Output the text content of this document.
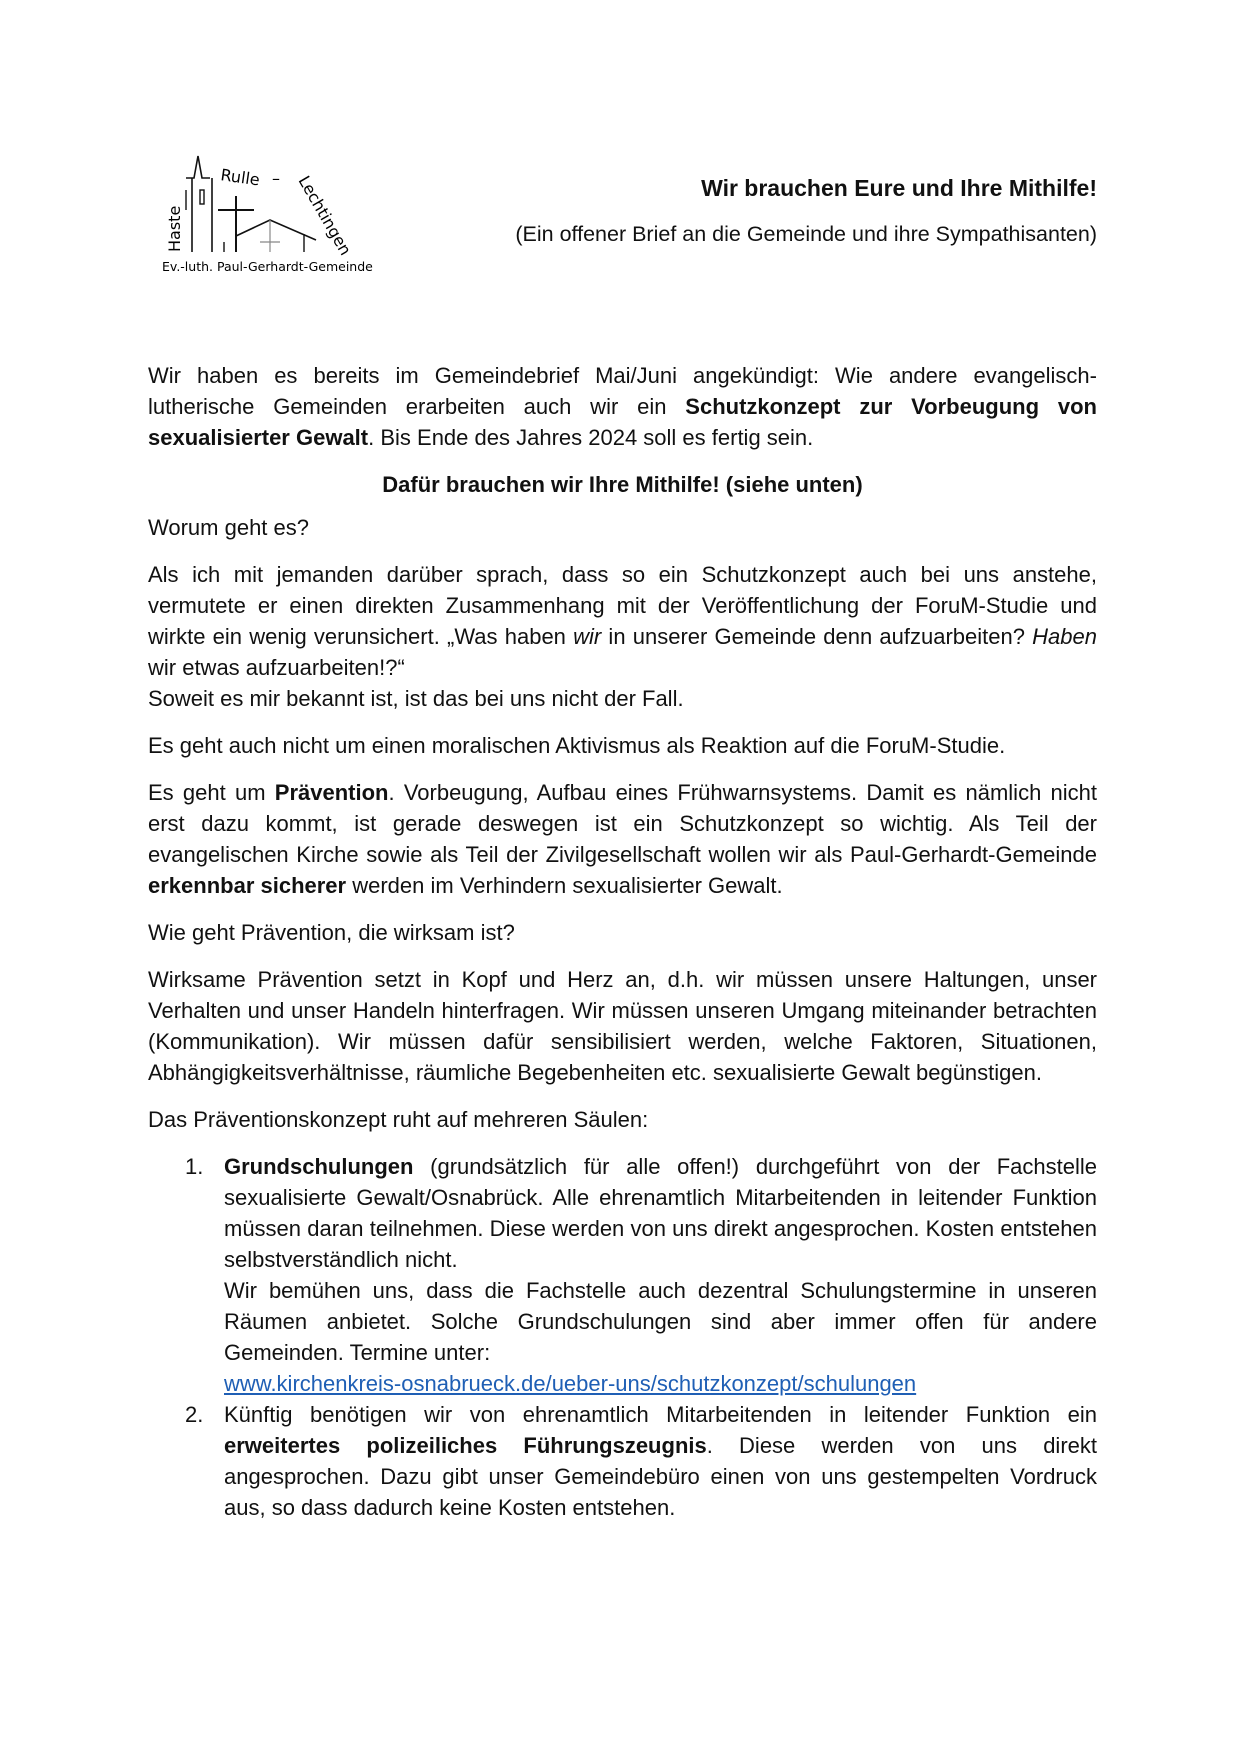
Rulle – Lechtingen
Haste
Ev.-luth. Paul-Gerhardt-Gemeinde
Wir brauchen Eure und Ihre Mithilfe!
(Ein offener Brief an die Gemeinde und ihre Sympathisanten)

Wir haben es bereits im Gemeindebrief Mai/Juni angekündigt: Wie andere evangelisch-lutherische Gemeinden erarbeiten auch wir ein Schutzkonzept zur Vorbeugung von sexualisierter Gewalt. Bis Ende des Jahres 2024 soll es fertig sein.

Dafür brauchen wir Ihre Mithilfe! (siehe unten)

Worum geht es?

Als ich mit jemanden darüber sprach, dass so ein Schutzkonzept auch bei uns anstehe, vermutete er einen direkten Zusammenhang mit der Veröffentlichung der ForuM-Studie und wirkte ein wenig verunsichert. „Was haben wir in unserer Gemeinde denn aufzuarbeiten? Haben wir etwas aufzuarbeiten!?“

Soweit es mir bekannt ist, ist das bei uns nicht der Fall.

Es geht auch nicht um einen moralischen Aktivismus als Reaktion auf die ForuM-Studie.

Es geht um Prävention. Vorbeugung, Aufbau eines Frühwarnsystems. Damit es nämlich nicht erst dazu kommt, ist gerade deswegen ist ein Schutzkonzept so wichtig. Als Teil der evangelischen Kirche sowie als Teil der Zivilgesellschaft wollen wir als Paul-Gerhardt-Gemeinde erkennbar sicherer werden im Verhindern sexualisierter Gewalt.

Wie geht Prävention, die wirksam ist?

Wirksame Prävention setzt in Kopf und Herz an, d.h. wir müssen unsere Haltungen, unser Verhalten und unser Handeln hinterfragen. Wir müssen unseren Umgang miteinander betrachten (Kommunikation). Wir müssen dafür sensibilisiert werden, welche Faktoren, Situationen, Abhängigkeitsverhältnisse, räumliche Begebenheiten etc. sexualisierte Gewalt begünstigen.

Das Präventionskonzept ruht auf mehreren Säulen:

1. Grundschulungen (grundsätzlich für alle offen!) durchgeführt von der Fachstelle sexualisierte Gewalt/Osnabrück. Alle ehrenamtlich Mitarbeitenden in leitender Funktion müssen daran teilnehmen. Diese werden von uns direkt angesprochen. Kosten entstehen selbstverständlich nicht.
Wir bemühen uns, dass die Fachstelle auch dezentral Schulungstermine in unseren Räumen anbietet. Solche Grundschulungen sind aber immer offen für andere Gemeinden. Termine unter:
www.kirchenkreis-osnabrueck.de/ueber-uns/schutzkonzept/schulungen
2. Künftig benötigen wir von ehrenamtlich Mitarbeitenden in leitender Funktion ein erweitertes polizeiliches Führungszeugnis. Diese werden von uns direkt angesprochen. Dazu gibt unser Gemeindebüro einen von uns gestempelten Vordruck aus, so dass dadurch keine Kosten entstehen.
